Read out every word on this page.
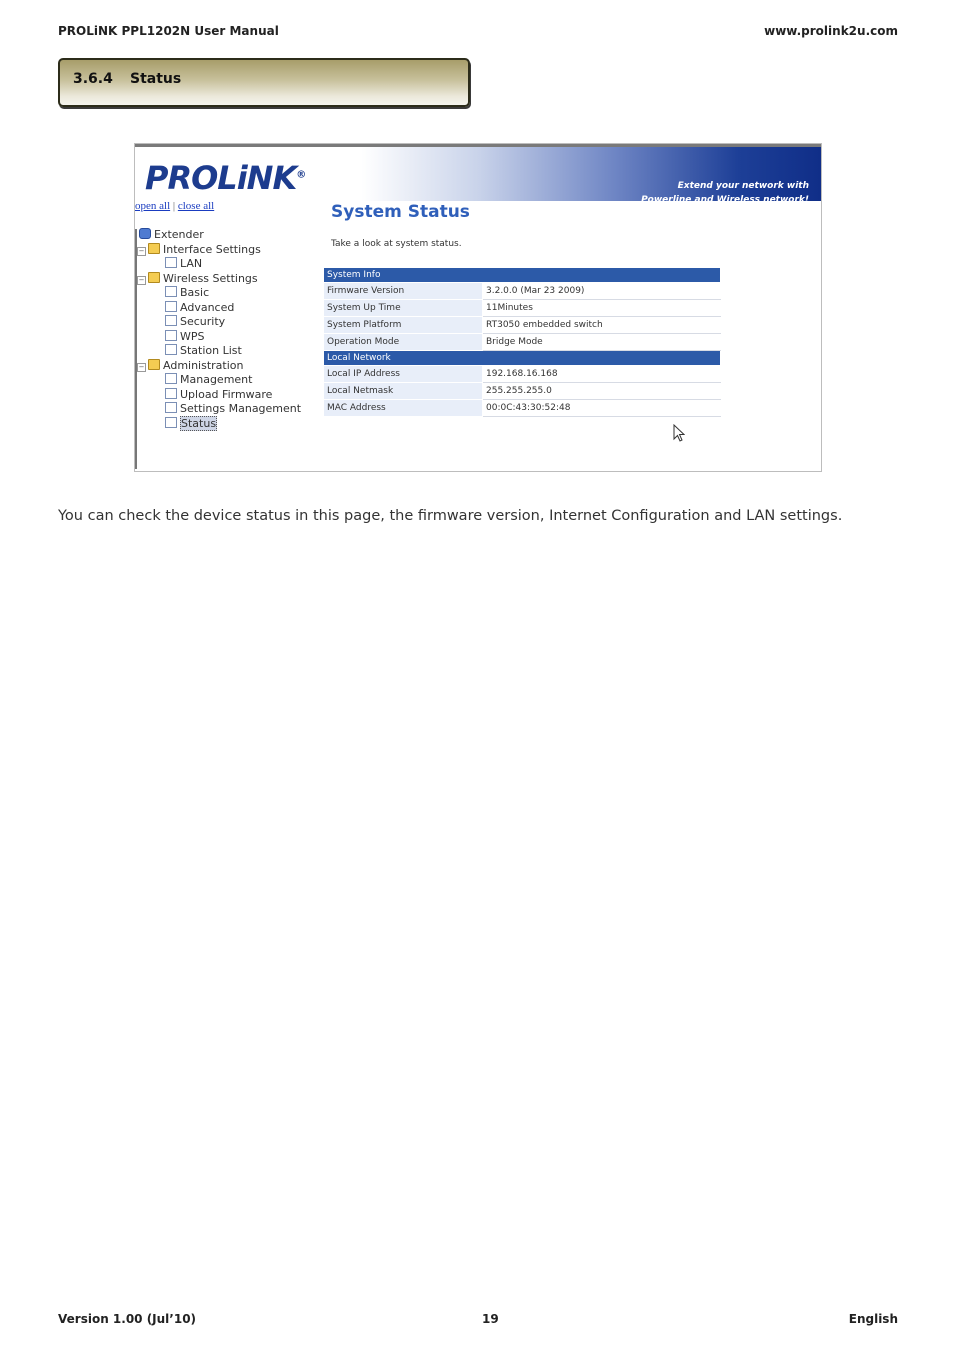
PROLiNK PPL1202N User Manual	www.prolink2u.com
3.6.4 Status
PROLiNK®
Extend your network with
Powerline and Wireless network!
open all | close all
Extender
− Interface Settings
LAN
− Wireless Settings
Basic
Advanced
Security
WPS
Station List
− Administration
Management
Upload Firmware
Settings Management
Status
System Status
Take a look at system status.
System Info	
Firmware Version	3.2.0.0 (Mar 23 2009)
System Up Time	11Minutes
System Platform	RT3050 embedded switch
Operation Mode	Bridge Mode
Local Network	
Local IP Address	192.168.16.168
Local Netmask	255.255.255.0
MAC Address	00:0C:43:30:52:48
You can check the device status in this page, the firmware version, Internet Configuration and LAN settings.
Version 1.00 (Jul’10)	19	English
